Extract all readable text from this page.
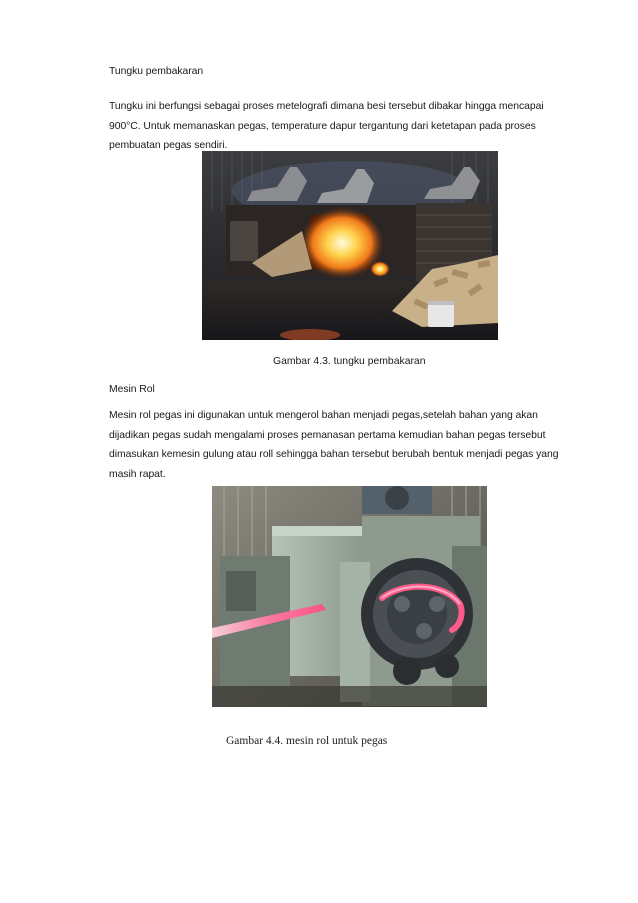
Tungku pembakaran
Tungku ini berfungsi sebagai proses metelografi dimana besi tersebut dibakar hingga mencapai
900°C. Untuk memanaskan pegas, temperature dapur tergantung dari ketetapan pada proses
pembuatan pegas sendiri.
Gambar 4.3. tungku pembakaran
Mesin Rol
Mesin rol pegas ini digunakan untuk mengerol bahan menjadi pegas,setelah bahan yang akan
dijadikan pegas sudah mengalami proses pemanasan pertama kemudian bahan pegas tersebut
dimasukan kemesin gulung atau roll sehingga bahan tersebut berubah bentuk menjadi pegas yang
masih rapat.
Gambar 4.4. mesin rol untuk pegas
